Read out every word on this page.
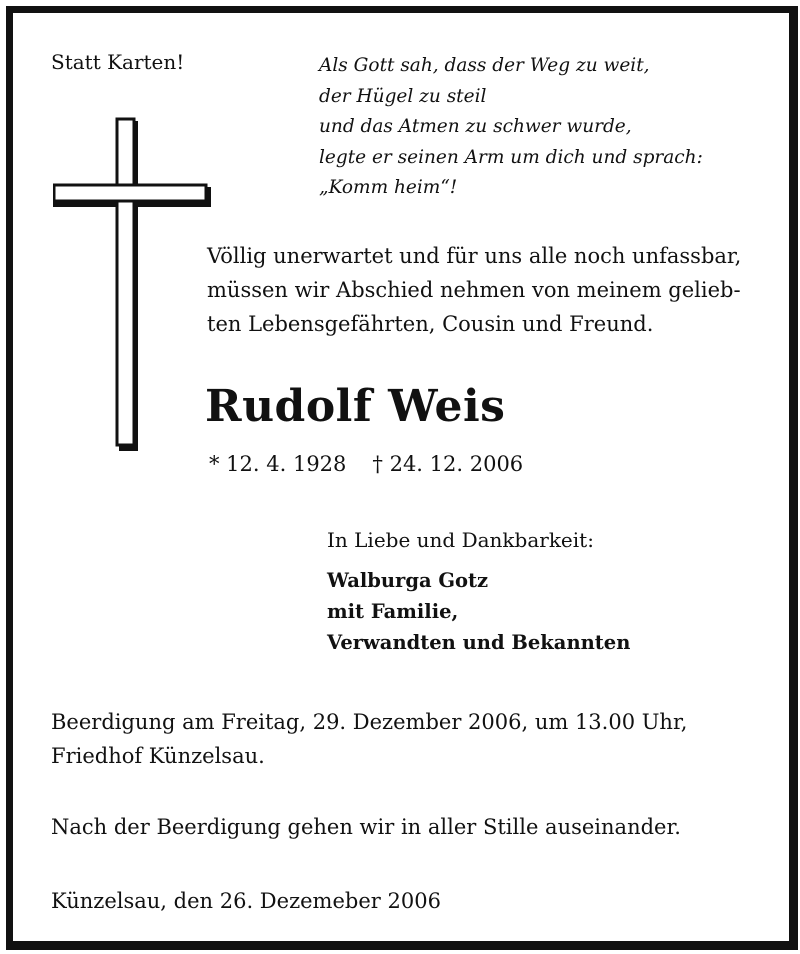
Statt Karten!	Als Gott sah, dass der Weg zu weit,
der Hügel zu steil
und das Atmen zu schwer wurde,
legte er seinen Arm um dich und sprach:
„Komm heim“!
Völlig unerwartet und für uns alle noch unfassbar,
müssen wir Abschied nehmen von meinem gelieb-
ten Lebensgefährten, Cousin und Freund.
Rudolf Weis
* 12. 4. 1928 † 24. 12. 2006
In Liebe und Dankbarkeit:
Walburga Gotz
mit Familie,
Verwandten und Bekannten
Beerdigung am Freitag, 29. Dezember 2006, um 13.00 Uhr,
Friedhof Künzelsau.
Nach der Beerdigung gehen wir in aller Stille auseinander.
Künzelsau, den 26. Dezemeber 2006
